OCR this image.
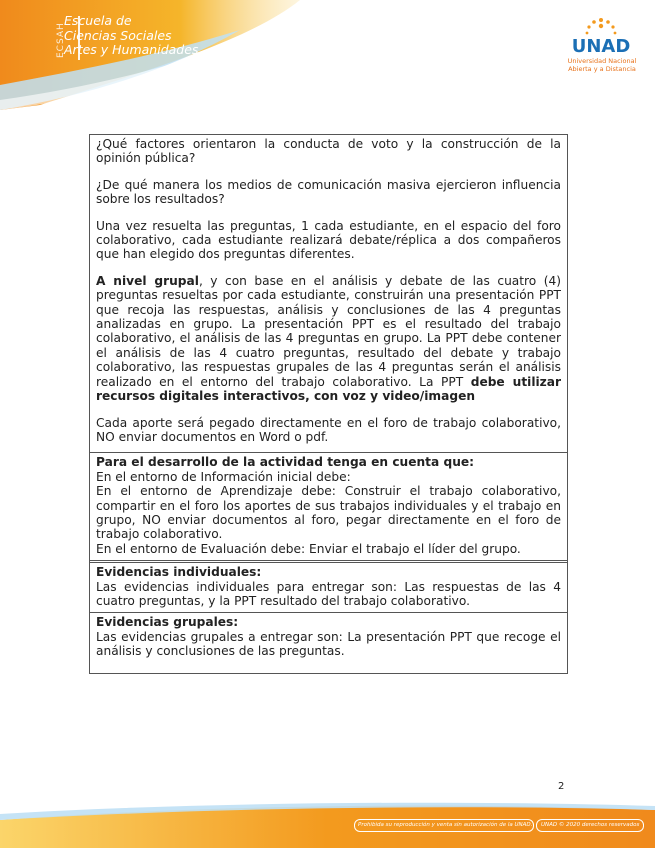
ECSAH
Escuela de
Ciencias Sociales
Artes y Humanidades	UNAD
Universidad Nacional
Abierta y a Distancia

¿Qué factores orientaron la conducta de voto y la construcción de la opinión pública?

¿De qué manera los medios de comunicación masiva ejercieron influencia sobre los resultados?

Una vez resuelta las preguntas, 1 cada estudiante, en el espacio del foro colaborativo, cada estudiante realizará debate/réplica a dos compañeros que han elegido dos preguntas diferentes.

A nivel grupal, y con base en el análisis y debate de las cuatro (4) preguntas resueltas por cada estudiante, construirán una presentación PPT que recoja las respuestas, análisis y conclusiones de las 4 preguntas analizadas en grupo. La presentación PPT es el resultado del trabajo colaborativo, el análisis de las 4 preguntas en grupo. La PPT debe contener el análisis de las 4 cuatro preguntas, resultado del debate y trabajo colaborativo, las respuestas grupales de las 4 preguntas serán el análisis realizado en el entorno del trabajo colaborativo. La PPT debe utilizar recursos digitales interactivos, con voz y video/imagen

Cada aporte será pegado directamente en el foro de trabajo colaborativo, NO enviar documentos en Word o pdf.

Para el desarrollo de la actividad tenga en cuenta que:

En el entorno de Información inicial debe:

En el entorno de Aprendizaje debe: Construir el trabajo colaborativo, compartir en el foro los aportes de sus trabajos individuales y el trabajo en grupo, NO enviar documentos al foro, pegar directamente en el foro de trabajo colaborativo.

En el entorno de Evaluación debe: Enviar el trabajo el líder del grupo.

Evidencias individuales:

Las evidencias individuales para entregar son: Las respuestas de las 4 cuatro preguntas, y la PPT resultado del trabajo colaborativo.

Evidencias grupales:

Las evidencias grupales a entregar son: La presentación PPT que recoge el análisis y conclusiones de las preguntas.

2
Prohibida su reproducción y venta sin autorización de la UNAD. UNAD © 2020 derechos reservados
